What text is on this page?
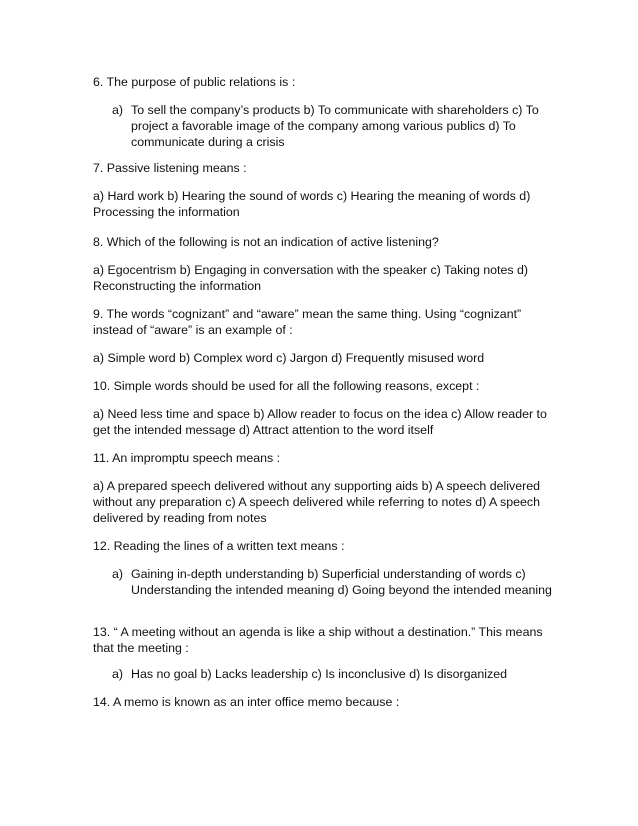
6. The purpose of public relations is :
a) To sell the company’s products b) To communicate with shareholders c) To project a favorable image of the company among various publics d) To communicate during a crisis
7. Passive listening means :
a) Hard work b) Hearing the sound of words c) Hearing the meaning of words d) Processing the information
8. Which of the following is not an indication of active listening?
a) Egocentrism b) Engaging in conversation with the speaker c) Taking notes d) Reconstructing the information
9. The words “cognizant” and “aware” mean the same thing. Using “cognizant” instead of “aware” is an example of :
a) Simple word b) Complex word c) Jargon d) Frequently misused word
10. Simple words should be used for all the following reasons, except :
a) Need less time and space b) Allow reader to focus on the idea c) Allow reader to get the intended message d) Attract attention to the word itself
11. An impromptu speech means :
a) A prepared speech delivered without any supporting aids b) A speech delivered without any preparation c) A speech delivered while referring to notes d) A speech delivered by reading from notes
12. Reading the lines of a written text means :
a) Gaining in-depth understanding b) Superficial understanding of words c) Understanding the intended meaning d) Going beyond the intended meaning
13. “ A meeting without an agenda is like a ship without a destination.” This means that the meeting :
a) Has no goal b) Lacks leadership c) Is inconclusive d) Is disorganized
14. A memo is known as an inter office memo because :
